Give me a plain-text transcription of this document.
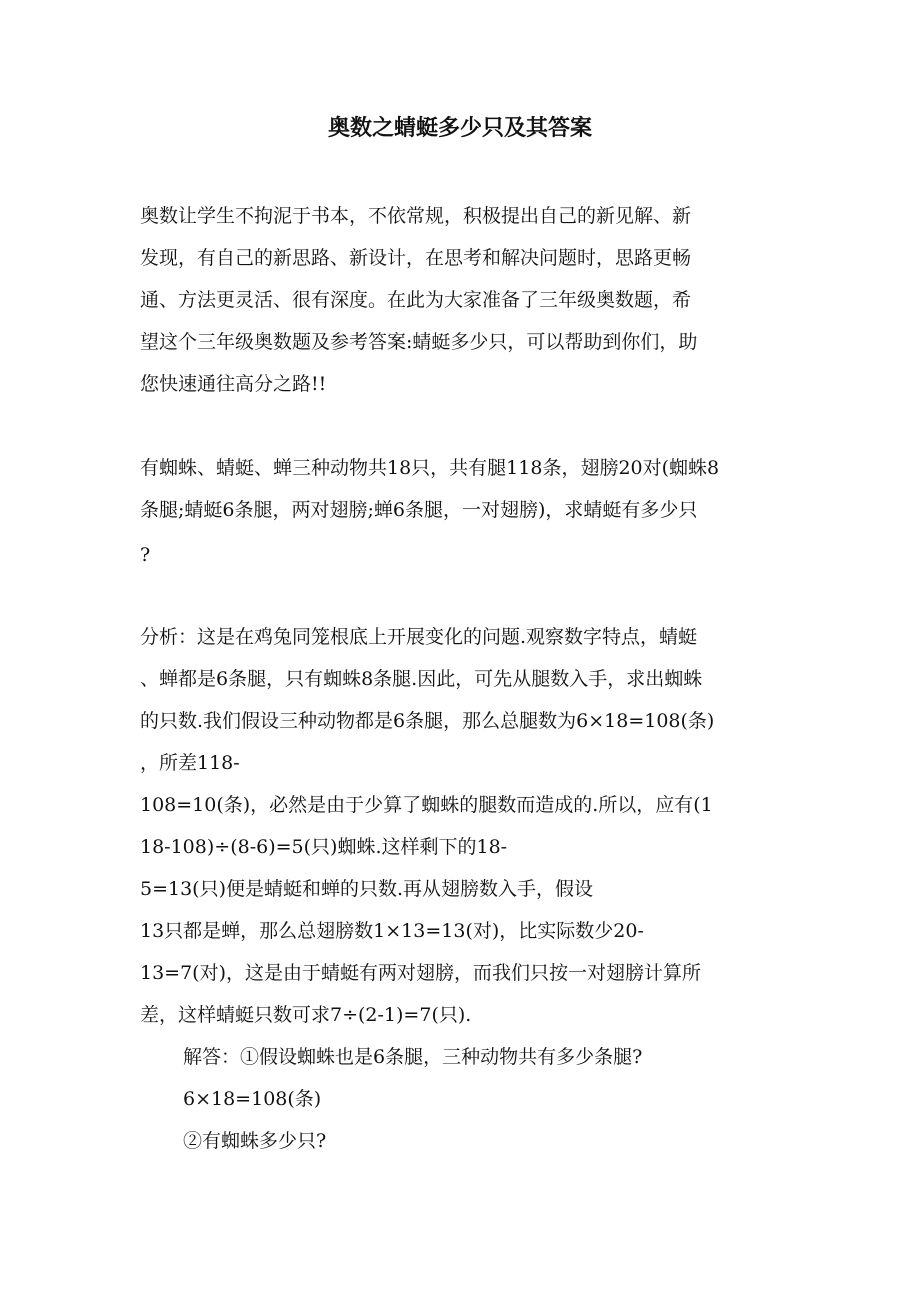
奥数之蜻蜓多少只及其答案

奥数让学生不拘泥于书本，不依常规，积极提出自己的新见解、新

发现，有自己的新思路、新设计，在思考和解决问题时，思路更畅

通、方法更灵活、很有深度。在此为大家准备了三年级奥数题，希

望这个三年级奥数题及参考答案:蜻蜓多少只，可以帮助到你们，助

您快速通往高分之路!!

有蜘蛛、蜻蜓、蝉三种动物共18只，共有腿118条，翅膀20对(蜘蛛8

条腿;蜻蜓6条腿，两对翅膀;蝉6条腿，一对翅膀)，求蜻蜓有多少只

?

分析：这是在鸡兔同笼根底上开展变化的问题.观察数字特点，蜻蜓

、蝉都是6条腿，只有蜘蛛8条腿.因此，可先从腿数入手，求出蜘蛛

的只数.我们假设三种动物都是6条腿，那么总腿数为6×18=108(条)

，所差118-

108=10(条)，必然是由于少算了蜘蛛的腿数而造成的.所以，应有(1

18-108)÷(8-6)=5(只)蜘蛛.这样剩下的18-

5=13(只)便是蜻蜓和蝉的只数.再从翅膀数入手，假设

13只都是蝉，那么总翅膀数1×13=13(对)，比实际数少20-

13=7(对)，这是由于蜻蜓有两对翅膀，而我们只按一对翅膀计算所

差，这样蜻蜓只数可求7÷(2-1)=7(只).

解答：①假设蜘蛛也是6条腿，三种动物共有多少条腿?

6×18=108(条)

②有蜘蛛多少只?
